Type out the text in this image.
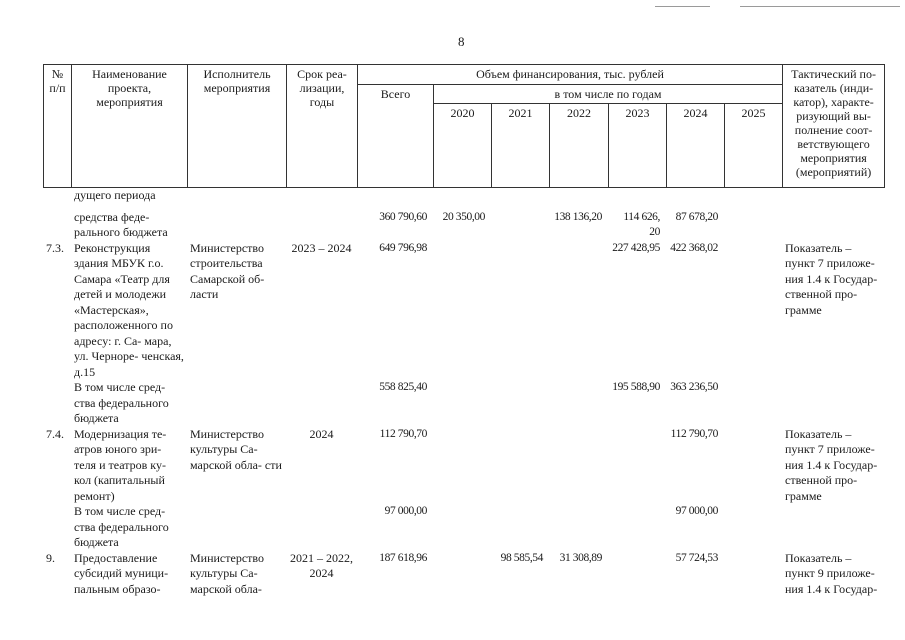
8
№ п/п	Наименование проекта, мероприятия	Исполнитель мероприятия	Срок реа- лизации, годы	Объем финансирования, тыс. рублей							Тактический по- казатель (инди- катор), характе- ризующий вы- полнение соот- ветствующего мероприятия (мероприятий)
				Всего	в том числе по годам						
					2020	2021	2022	2023	2024	2025	
	дущего периода										

	средства феде- рального бюджета			360 790,60	20 350,00		138 136,20	114 626, 20	87 678,20		
7.3.	Реконструкция здания МБУК г.о. Самара «Театр для детей и молодежи «Мастерская», расположенного по адресу: г. Са- мара, ул. Черноре- ченская, д.15	Министерство строительства Самарской об- ласти	2023 – 2024	649 796,98				227 428,95	422 368,02		Показатель – пункт 7 приложе- ния 1.4 к Государ- ственной про- грамме
	В том числе сред- ства федерального бюджета			558 825,40				195 588,90	363 236,50		
7.4.	Модернизация те- атров юного зри- теля и театров ку- кол (капитальный ремонт)	Министерство культуры Са- марской обла- сти	2024	112 790,70					112 790,70		Показатель – пункт 7 приложе- ния 1.4 к Государ- ственной про- грамме
	В том числе сред- ства федерального бюджета			97 000,00					97 000,00		
9.	Предоставление субсидий муници- пальным образо-	Министерство культуры Са- марской обла-	2021 – 2022, 2024	187 618,96		98 585,54	31 308,89		57 724,53		Показатель – пункт 9 приложе- ния 1.4 к Государ-
